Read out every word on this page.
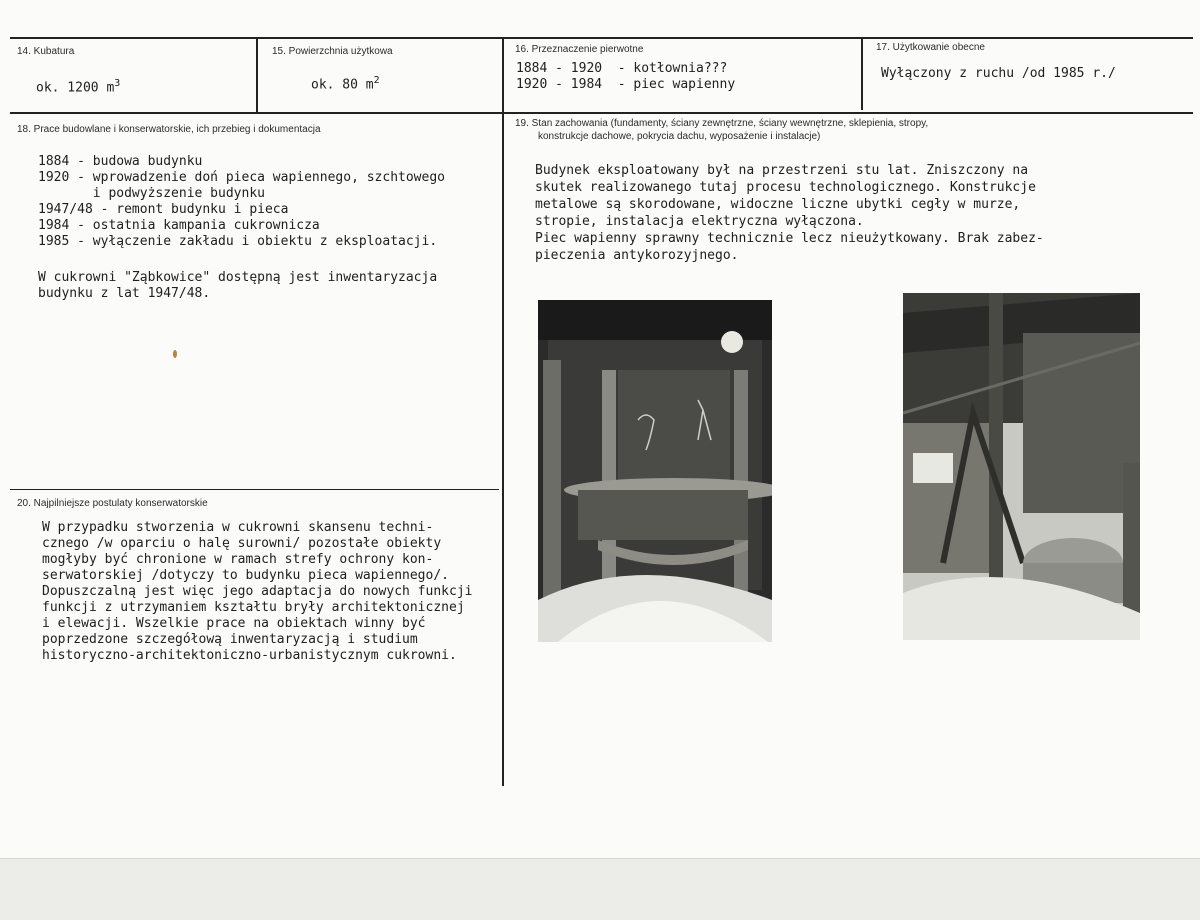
14. Kubatura
ok. 1200 $m^3$
15. Powierzchnia użytkowa
ok. 80 $m^2$
16. Przeznaczenie pierwotne
1884 - 1920  - kotłownia???
1920 - 1984  - piec wapienny
17. Użytkowanie obecne
Wyłączony z ruchu /od 1985 r./
18. Prace budowlane i konserwatorskie, ich przebieg i dokumentacja
1884 - budowa budynku
1920 - wprowadzenie doń pieca wapiennego, szchtowego
i podwyższenie budynku
1947/48 - remont budynku i pieca
1984 - ostatnia kampania cukrownicza
1985 - wyłączenie zakładu i obiektu z eksploatacji.
W cukrowni "Ząbkowice" dostępną jest inwentaryzacja
budynku z lat 1947/48.
19. Stan zachowania (fundamenty, ściany zewnętrzne, ściany wewnętrzne, sklepienia, stropy,
konstrukcje dachowe, pokrycia dachu, wyposażenie i instalacje)
Budynek eksploatowany był na przestrzeni stu lat. Zniszczony na
skutek realizowanego tutaj procesu technologicznego. Konstrukcje
metalowe są skorodowane, widoczne liczne ubytki cegły w murze,
stropie, instalacja elektryczna wyłączona.
Piec wapienny sprawny technicznie lecz nieużytkowany. Brak zabez-
pieczenia antykorozyjnego.
20. Najpilniejsze postulaty konserwatorskie
W przypadku stworzenia w cukrowni skansenu techni-
cznego /w oparciu o halę surowni/ pozostałe obiekty
mogłyby być chronione w ramach strefy ochrony kon-
serwatorskiej /dotyczy to budynku pieca wapiennego/.
Dopuszczalną jest więc jego adaptacja do nowych funkcji
funkcji z utrzymaniem kształtu bryły architektonicznej
i elewacji. Wszelkie prace na obiektach winny być
poprzedzone szczegółową inwentaryzacją i studium
historyczno-architektoniczno-urbanistycznym cukrowni.
